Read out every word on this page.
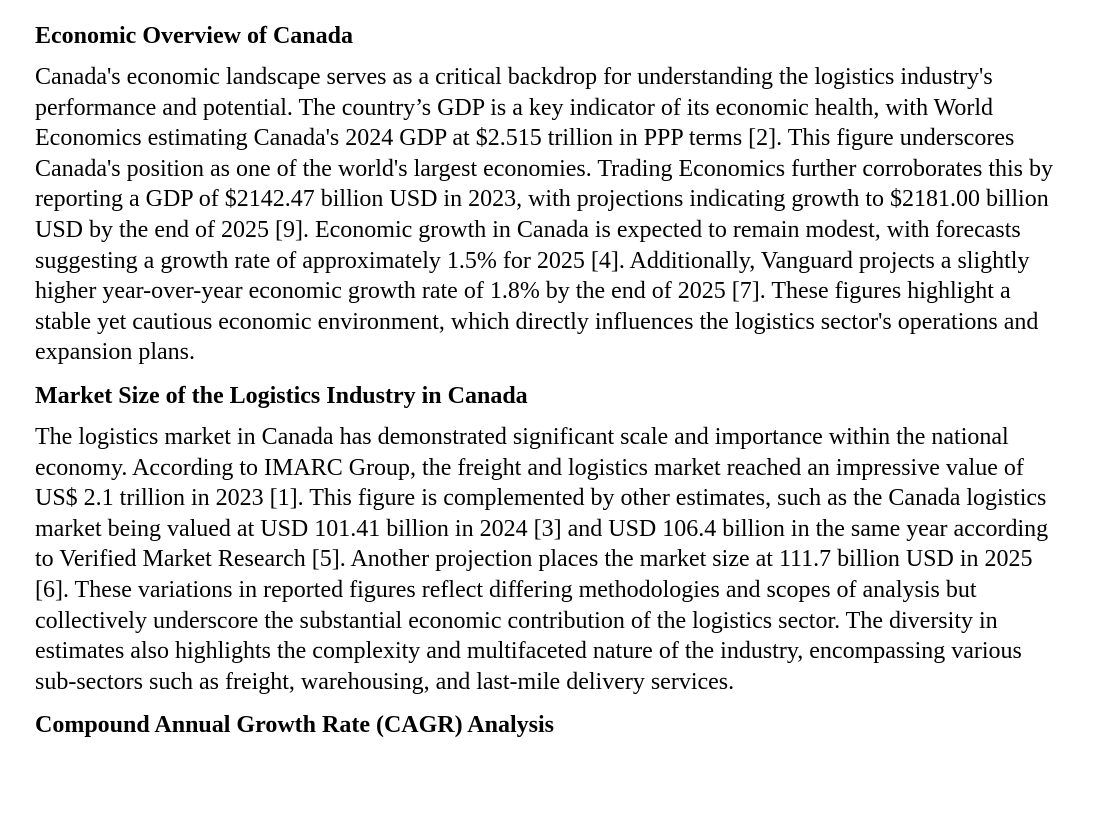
Economic Overview of Canada

Canada's economic landscape serves as a critical backdrop for understanding the logistics industry's performance and potential. The country’s GDP is a key indicator of its economic health, with World Economics estimating Canada's 2024 GDP at $2.515 trillion in PPP terms [2]. This figure underscores Canada's position as one of the world's largest economies. Trading Economics further corroborates this by reporting a GDP of $2142.47 billion USD in 2023, with projections indicating growth to $2181.00 billion USD by the end of 2025 [9]. Economic growth in Canada is expected to remain modest, with forecasts suggesting a growth rate of approximately 1.5% for 2025 [4]. Additionally, Vanguard projects a slightly higher year-over-year economic growth rate of 1.8% by the end of 2025 [7]. These figures highlight a stable yet cautious economic environment, which directly influences the logistics sector's operations and expansion plans.

Market Size of the Logistics Industry in Canada

The logistics market in Canada has demonstrated significant scale and importance within the national economy. According to IMARC Group, the freight and logistics market reached an impressive value of US$ 2.1 trillion in 2023 [1]. This figure is complemented by other estimates, such as the Canada logistics market being valued at USD 101.41 billion in 2024 [3] and USD 106.4 billion in the same year according to Verified Market Research [5]. Another projection places the market size at 111.7 billion USD in 2025 [6]. These variations in reported figures reflect differing methodologies and scopes of analysis but collectively underscore the substantial economic contribution of the logistics sector. The diversity in estimates also highlights the complexity and multifaceted nature of the industry, encompassing various sub-sectors such as freight, warehousing, and last-mile delivery services.

Compound Annual Growth Rate (CAGR) Analysis
